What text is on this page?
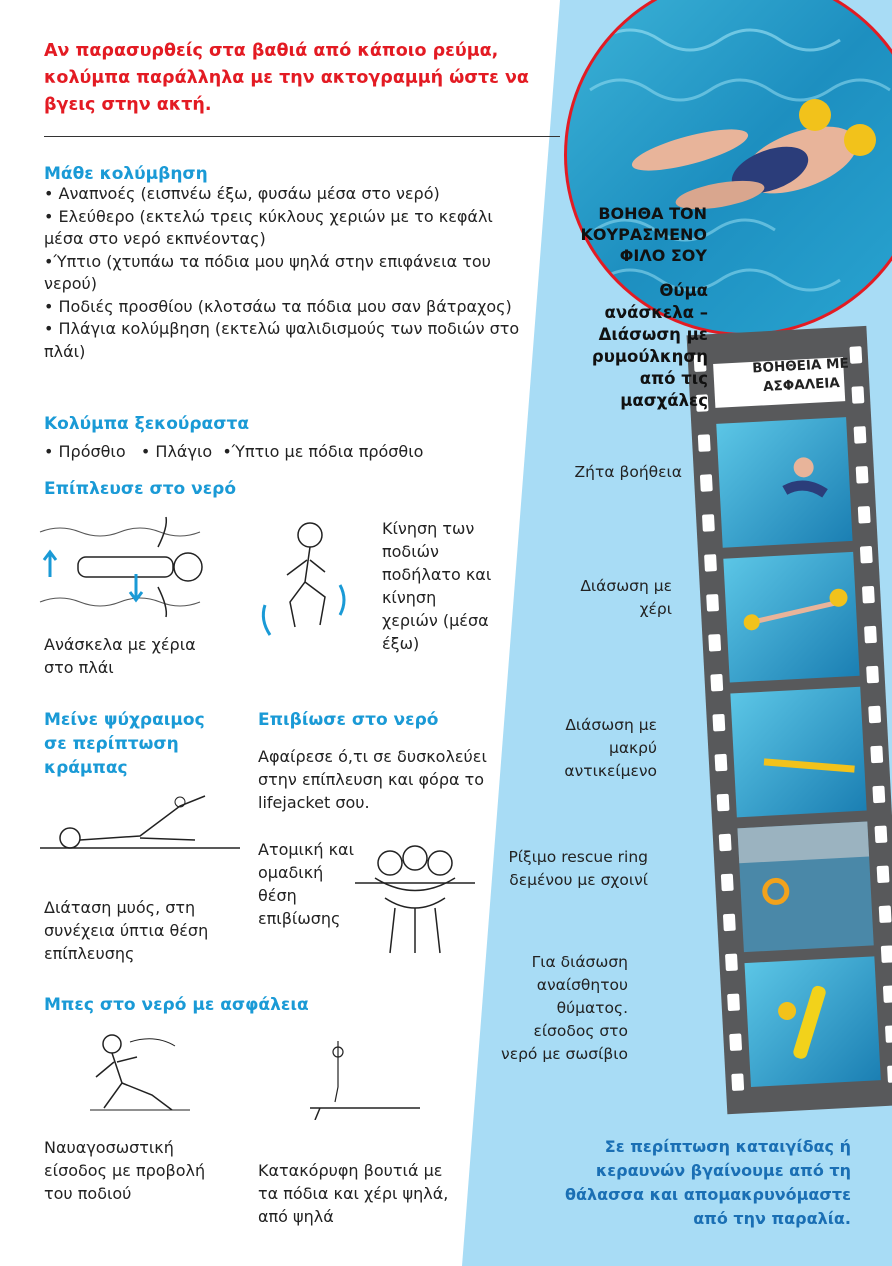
Αν παρασυρθείς στα βαθιά από κάποιο ρεύμα, κολύμπα παράλληλα με την ακτογραμμή ώστε να βγεις στην ακτή.
Μάθε κολύμβηση
• Αναπνοές (εισπνέω έξω, φυσάω μέσα στο νερό)
• Ελεύθερο (εκτελώ τρεις κύκλους χεριών με το κεφάλι μέσα στο νερό εκπνέοντας)
•Ύπτιο (χτυπάω τα πόδια μου ψηλά στην επιφάνεια του νερού)
• Ποδιές προσθίου (κλοτσάω τα πόδια μου σαν βάτραχος)
• Πλάγια κολύμβηση (εκτελώ ψαλιδισμούς των ποδιών στο πλάι)
Κολύμπα ξεκούραστα
• Πρόσθιο • Πλάγιο •Ύπτιο με πόδια πρόσθιο
Επίπλευσε στο νερό
Ανάσκελα με χέρια στο πλάι
Κίνηση των ποδιών ποδήλατο και κίνηση χεριών (μέσα έξω)
Μείνε ψύχραιμος σε περίπτωση κράμπας
Διάταση μυός, στη συνέχεια ύπτια θέση επίπλευσης
Επιβίωσε στο νερό
Αφαίρεσε ό,τι σε δυσκολεύει στην επίπλευση και φόρα το lifejacket σου.
Ατομική και ομαδική θέση επιβίωσης
Μπες στο νερό με ασφάλεια
Ναυαγοσωστική είσοδος με προβολή του ποδιού
Κατακόρυφη βουτιά με τα πόδια και χέρι ψηλά, από ψηλά
ΒΟΗΘΑ ΤΟΝ ΚΟΥΡΑΣΜΕΝΟ ΦΙΛΟ ΣΟΥ
Θύμα ανάσκελα – Διάσωση με ρυμούλκηση από τις μασχάλες
ΒΟΗΘΕΙΑ ΜΕ ΑΣΦΑΛΕΙΑ
Ζήτα βοήθεια
Διάσωση με χέρι
Διάσωση με μακρύ αντικείμενο
Ρίξιμο rescue ring δεμένου με σχοινί
Για διάσωση αναίσθητου θύματος. είσοδος στο νερό με σωσίβιο
Σε περίπτωση καταιγίδας ή κεραυνών βγαίνουμε από τη θάλασσα και απομακρυνόμαστε από την παραλία.
